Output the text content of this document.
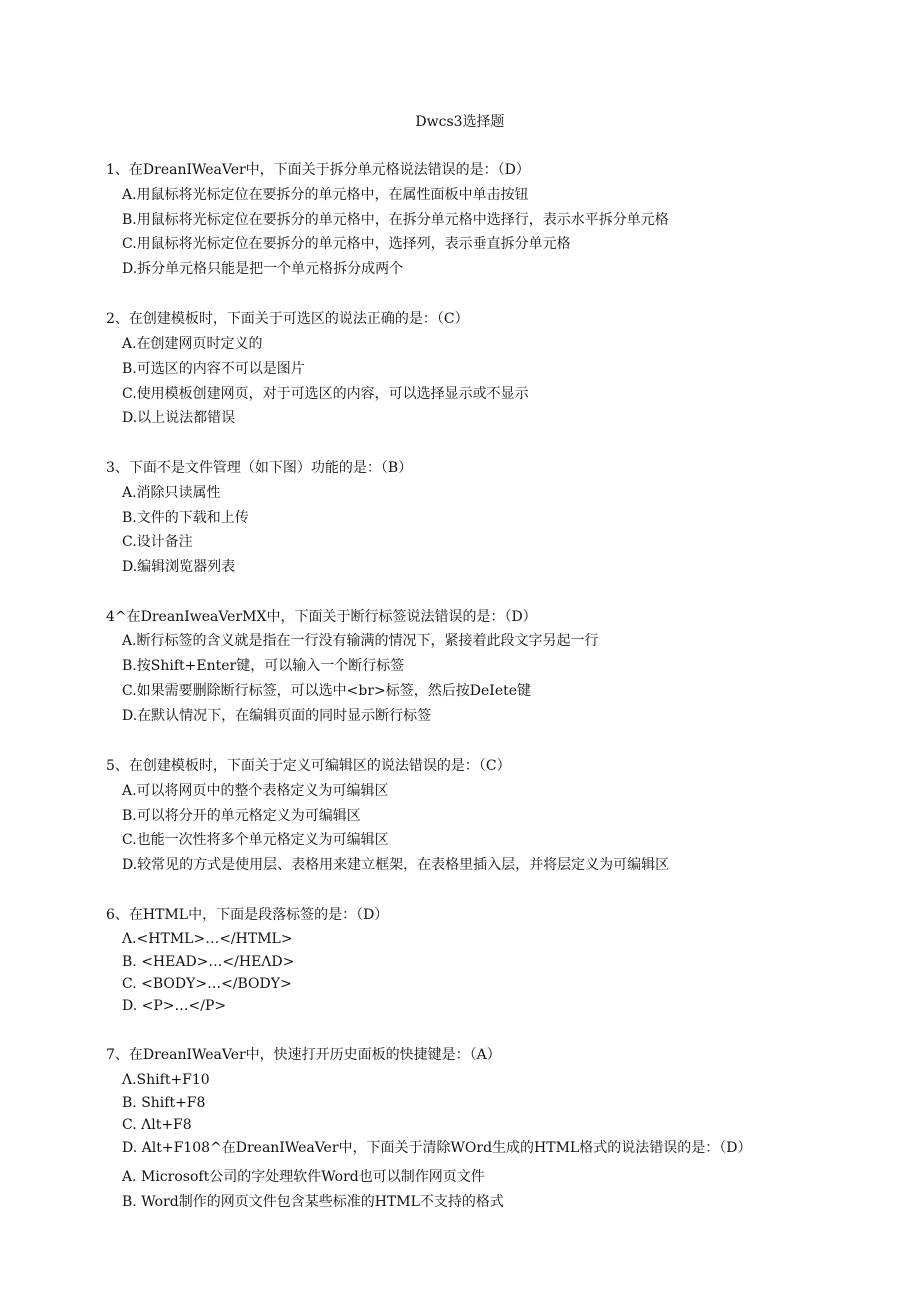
Dwcs3选择题
1、在DreanIWeaVer中，下面关于拆分单元格说法错误的是：（D）
A.用鼠标将光标定位在要拆分的单元格中，在属性面板中单击按钮
B.用鼠标将光标定位在要拆分的单元格中，在拆分单元格中选择行，表示水平拆分单元格
C.用鼠标将光标定位在要拆分的单元格中，选择列，表示垂直拆分单元格
D.拆分单元格只能是把一个单元格拆分成两个
2、在创建模板时，下面关于可选区的说法正确的是：（C）
A.在创建网页时定义的
B.可选区的内容不可以是图片
C.使用模板创建网页，对于可选区的内容，可以选择显示或不显示
D.以上说法都错误
3、下面不是文件管理（如下图）功能的是：（B）
A.消除只读属性
B.文件的下载和上传
C.设计备注
D.编辑浏览器列表
4^在DreanIweaVerMX中，下面关于断行标签说法错误的是：（D）
A.断行标签的含义就是指在一行没有输满的情况下，紧接着此段文字另起一行
B.按Shift+Enter键，可以输入一个断行标签
C.如果需要删除断行标签，可以选中<br>标签，然后按DeIete键
D.在默认情况下，在编辑页面的同时显示断行标签
5、在创建模板时，下面关于定义可编辑区的说法错误的是：（C）
A.可以将网页中的整个表格定义为可编辑区
B.可以将分开的单元格定义为可编辑区
C.也能一次性将多个单元格定义为可编辑区
D.较常见的方式是使用层、表格用来建立框架，在表格里插入层，并将层定义为可编辑区
6、在HTML中，下面是段落标签的是：（D）
Λ.<HTML>…</HTML>
B. <HEAD>…</HEΛD>
C. <BODY>…</BODY>
D. <P>…</P>
7、在DreanIWeaVer中，快速打开历史面板的快捷键是：（A）
Λ.Shift+F10
B. Shift+F8
C. Λlt+F8
D. Alt+F108^在DreanIWeaVer中，下面关于清除WOrd生成的HTML格式的说法错误的是：（D）
A. Microsoft公司的字处理软件Word也可以制作网页文件
B. Word制作的网页文件包含某些标准的HTML不支持的格式
